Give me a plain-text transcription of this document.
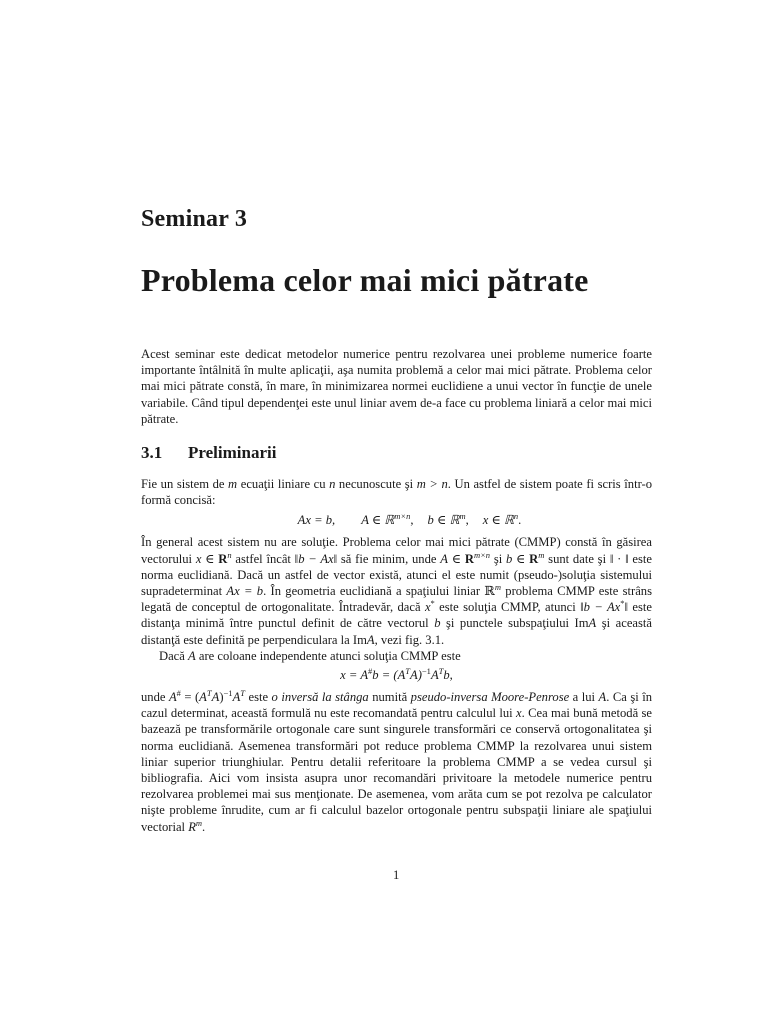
Seminar 3
Problema celor mai mici pătrate

Acest seminar este dedicat metodelor numerice pentru rezolvarea unei probleme numerice foarte importante întâlnită în multe aplicaţii, aşa numita problemă a celor mai mici pătrate. Problema celor mai mici pătrate constă, în mare, în minimizarea normei euclidiene a unui vector în funcţie de unele variabile. Când tipul dependenţei este unul liniar avem de-a face cu problema liniară a celor mai mici pătrate.

3.1 Preliminarii

Fie un sistem de m ecuaţii liniare cu n necunoscute şi m > n. Un astfel de sistem poate fi scris într-o formă concisă:

Ax = b, A ∈ ℝ$^{m\times n}$, b ∈ ℝ$^m$, x ∈ ℝ$^n$.

În general acest sistem nu are soluţie. Problema celor mai mici pătrate (CMMP) constă în găsirea vectorului x ∈ $R^n$ astfel încât ‖b − Ax‖ să fie minim, unde A ∈ $R^{m\times n}$ şi b ∈ $R^m$ sunt date şi ‖ · ‖ este norma euclidiană. Dacă un astfel de vector există, atunci el este numit (pseudo-)soluţia sistemului supradeterminat Ax = b. În geometria euclidiană a spaţiului liniar ℝ$^m$ problema CMMP este strâns legată de conceptul de ortogonalitate. Întradevăr, dacă x* este soluţia CMMP, atunci ‖b − Ax*‖ este distanţa minimă între punctul definit de către vectorul b şi punctele subspaţiului ImA şi această distanţă este definită pe perpendiculara la ImA, vezi fig. 3.1.

Dacă A are coloane independente atunci soluţia CMMP este

$x = A^{\#}b = (A^TA)^{-1}A^Tb$,

unde $A^{\#} = (A^TA)^{-1}A^T$ este o inversă la stânga numită pseudo-inversa Moore-Penrose a lui A. Ca şi în cazul determinat, această formulă nu este recomandată pentru calculul lui x. Cea mai bună metodă se bazează pe transformările ortogonale care sunt singurele transformări ce conservă ortogonalitatea şi norma euclidiană. Asemenea transformări pot reduce problema CMMP la rezolvarea unui sistem liniar superior triunghiular. Pentru detalii referitoare la problema CMMP a se vedea cursul şi bibliografia. Aici vom insista asupra unor recomandări privitoare la metodele numerice pentru rezolvarea problemei mai sus menţionate. De asemenea, vom arăta cum se pot rezolva pe calculator nişte probleme înrudite, cum ar fi calculul bazelor ortogonale pentru subspaţii liniare ale spaţiului vectorial $R^m$.

1
